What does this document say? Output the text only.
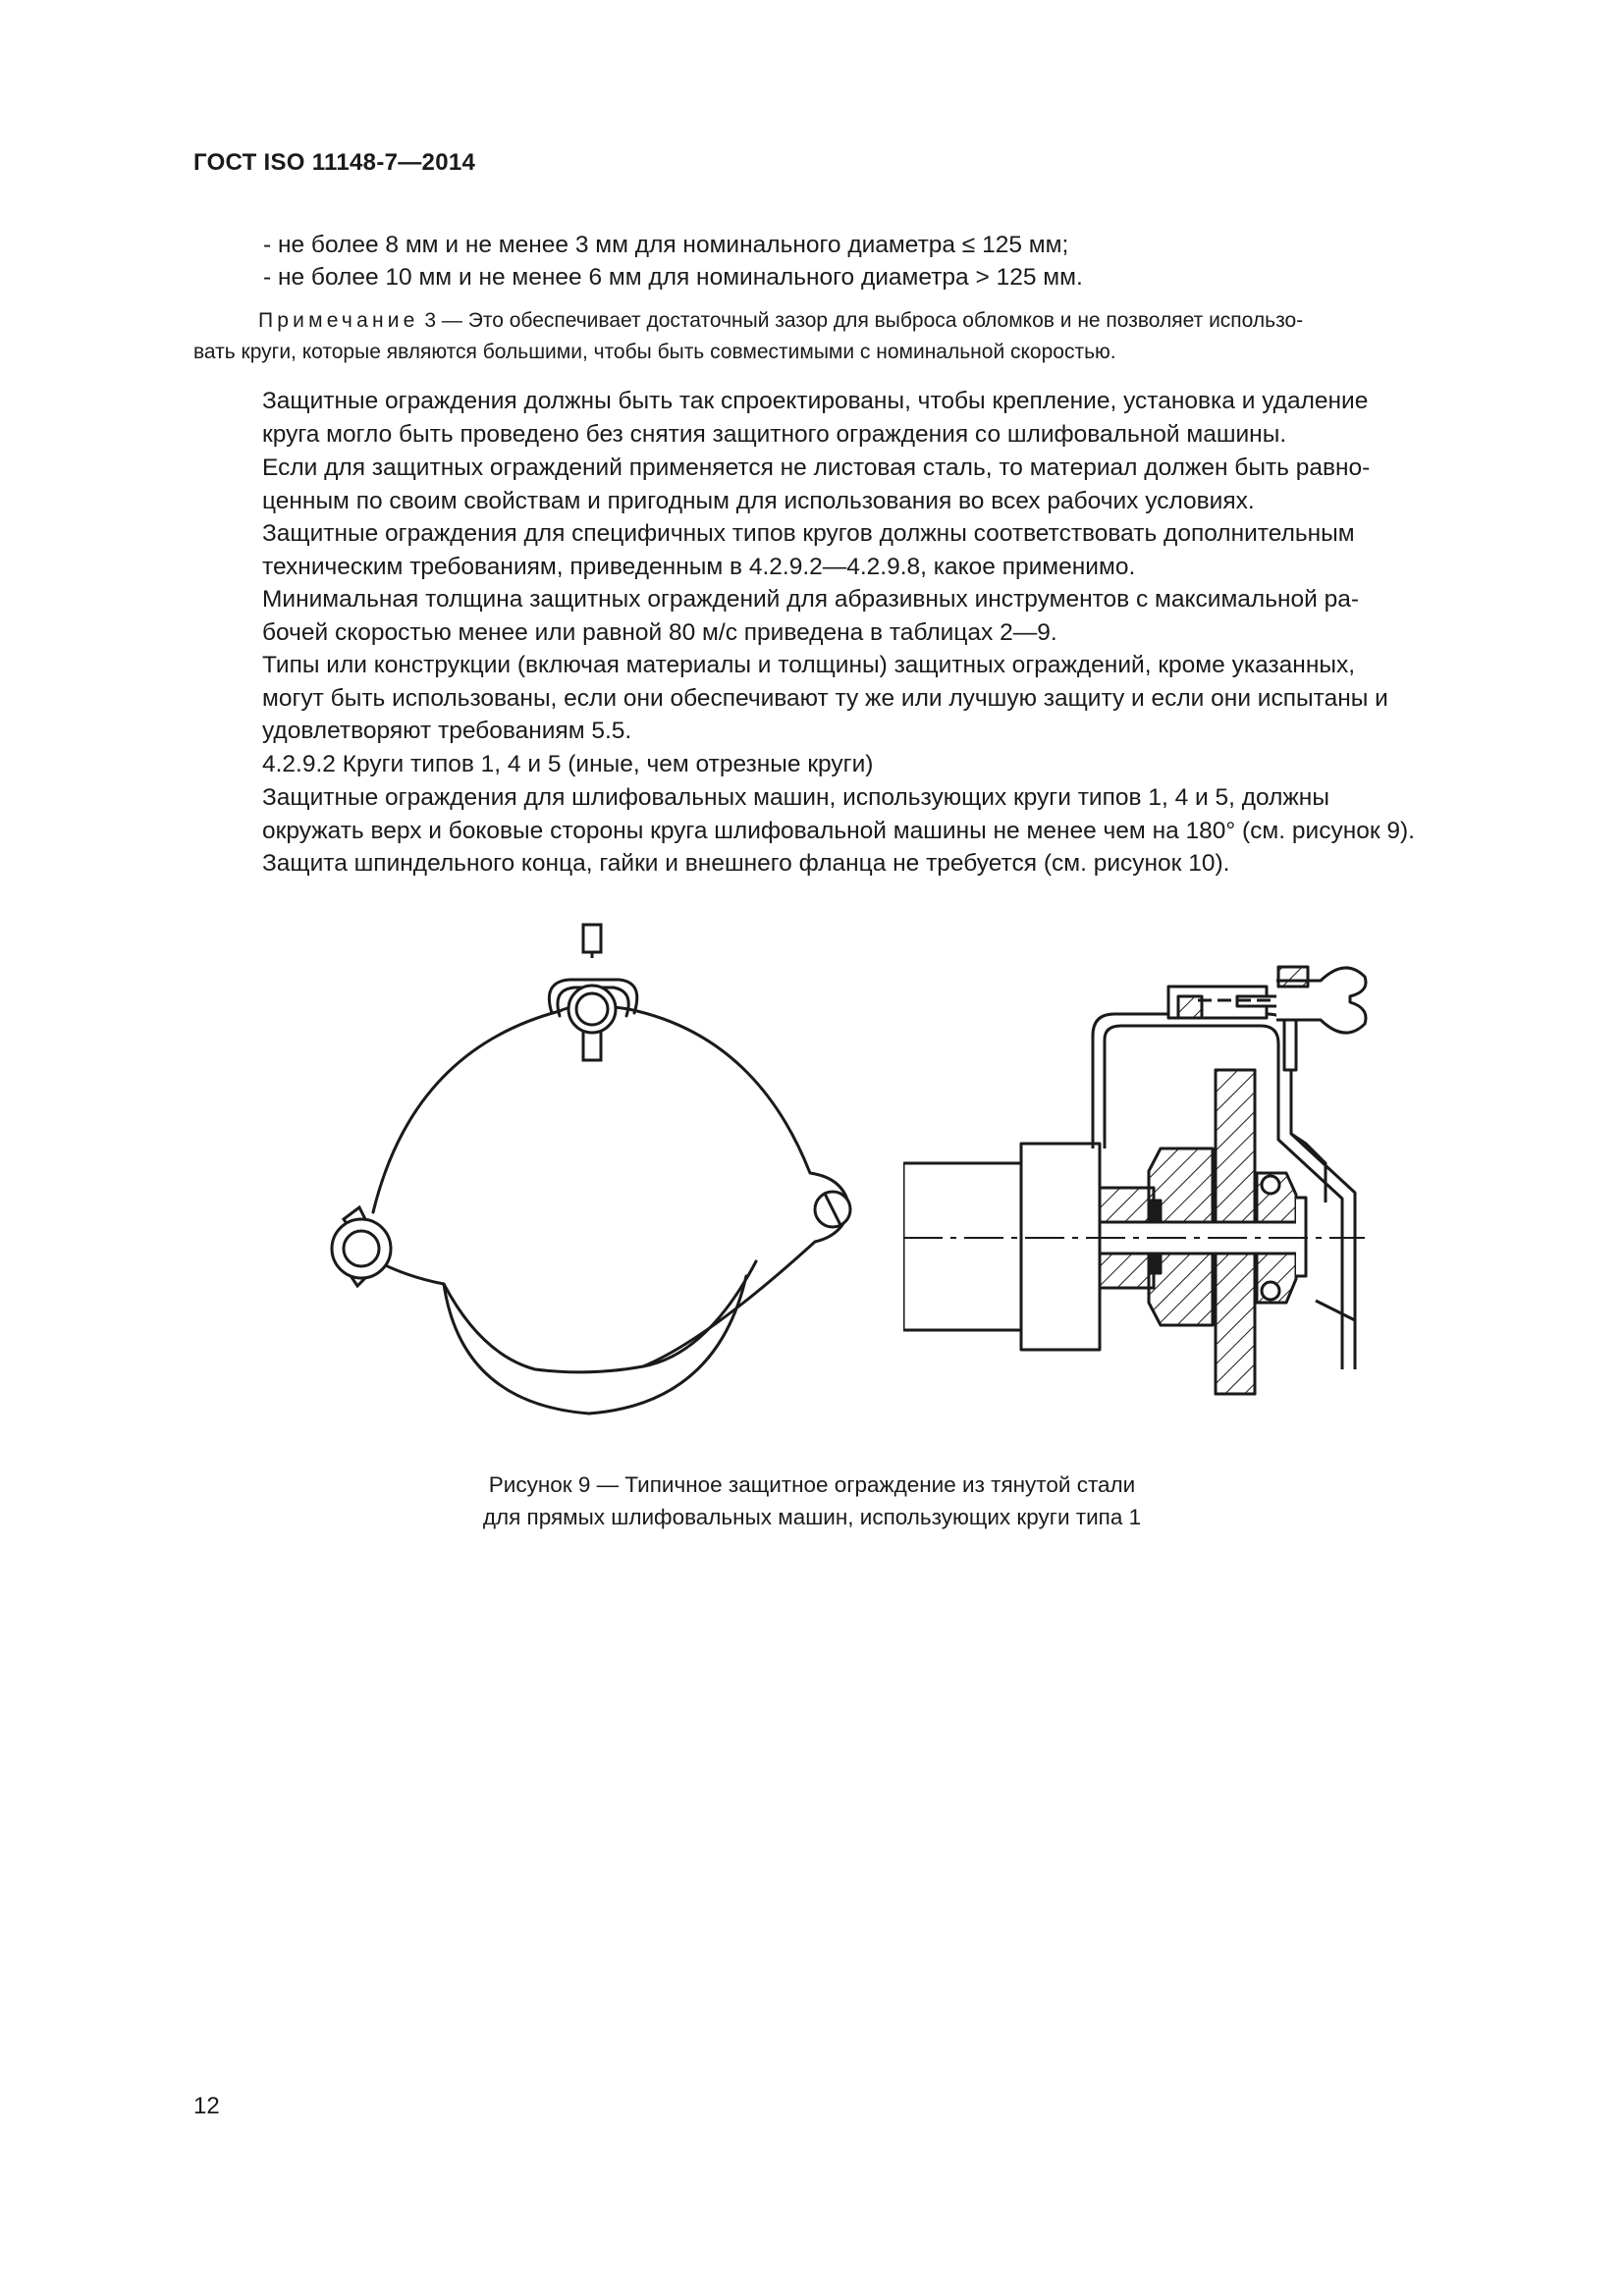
ГОСТ ISO 11148-7—2014
- не более 8 мм и не менее 3 мм для номинального диаметра ≤ 125 мм;
- не более 10 мм и не менее 6 мм для номинального диаметра > 125 мм.
Примечание 3 — Это обеспечивает достаточный зазор для выброса обломков и не позволяет использо-
вать круги, которые являются большими, чтобы быть совместимыми с номинальной скоростью.
Защитные ограждения должны быть так спроектированы, чтобы крепление, установка и удаление
круга могло быть проведено без снятия защитного ограждения со шлифовальной машины.
Если для защитных ограждений применяется не листовая сталь, то материал должен быть равно-
ценным по своим свойствам и пригодным для использования во всех рабочих условиях.
Защитные ограждения для специфичных типов кругов должны соответствовать дополнительным
техническим требованиям, приведенным в 4.2.9.2—4.2.9.8, какое применимо.
Минимальная толщина защитных ограждений для абразивных инструментов с максимальной ра-
бочей скоростью менее или равной 80 м/с приведена в таблицах 2—9.
Типы или конструкции (включая материалы и толщины) защитных ограждений, кроме указанных,
могут быть использованы, если они обеспечивают ту же или лучшую защиту и если они испытаны и
удовлетворяют требованиям 5.5.
4.2.9.2 Круги типов 1, 4 и 5 (иные, чем отрезные круги)
Защитные ограждения для шлифовальных машин, использующих круги типов 1, 4 и 5, должны
окружать верх и боковые стороны круга шлифовальной машины не менее чем на 180° (см. рисунок 9).
Защита шпиндельного конца, гайки и внешнего фланца не требуется (см. рисунок 10).
Рисунок 9 — Типичное защитное ограждение из тянутой стали
для прямых шлифовальных машин, использующих круги типа 1
12
